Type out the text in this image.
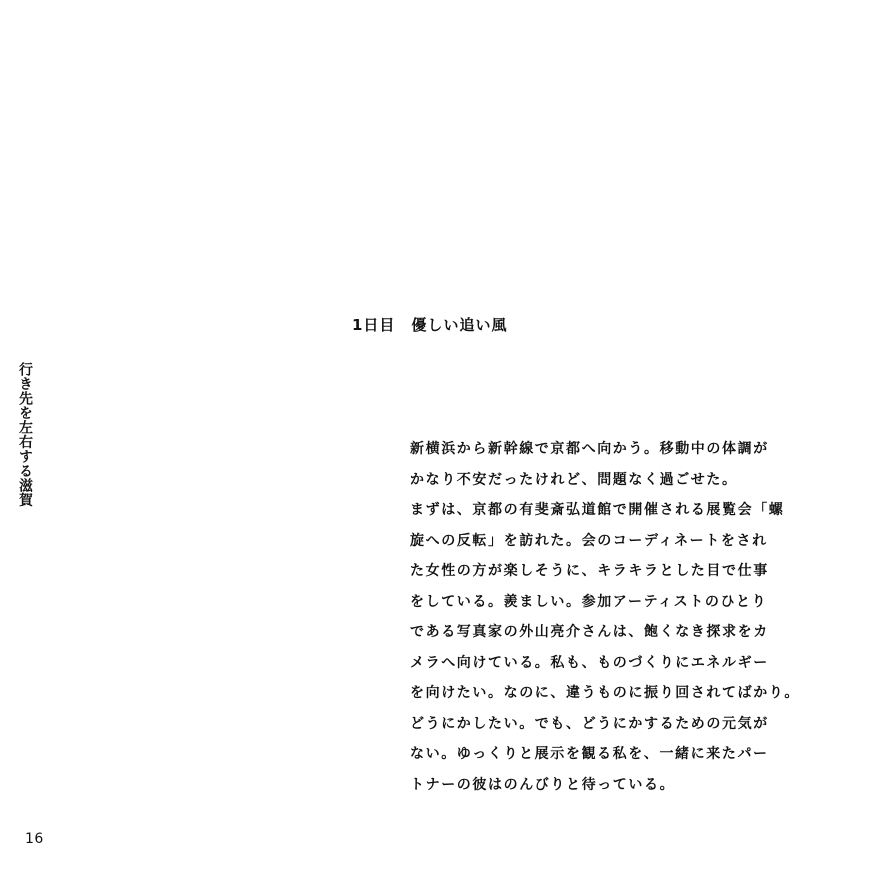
行き先を左右する滋賀
1日目　優しい追い風
新横浜から新幹線で京都へ向かう。移動中の体調が
かなり不安だったけれど、問題なく過ごせた。
まずは、京都の有斐斎弘道館で開催される展覧会「螺
旋への反転」を訪れた。会のコーディネートをされ
た女性の方が楽しそうに、キラキラとした目で仕事
をしている。羨ましい。参加アーティストのひとり
である写真家の外山亮介さんは、飽くなき探求をカ
メラへ向けている。私も、ものづくりにエネルギー
を向けたい。なのに、違うものに振り回されてばかり。
どうにかしたい。でも、どうにかするための元気が
ない。ゆっくりと展示を観る私を、一緒に来たパー
トナーの彼はのんびりと待っている。
16
